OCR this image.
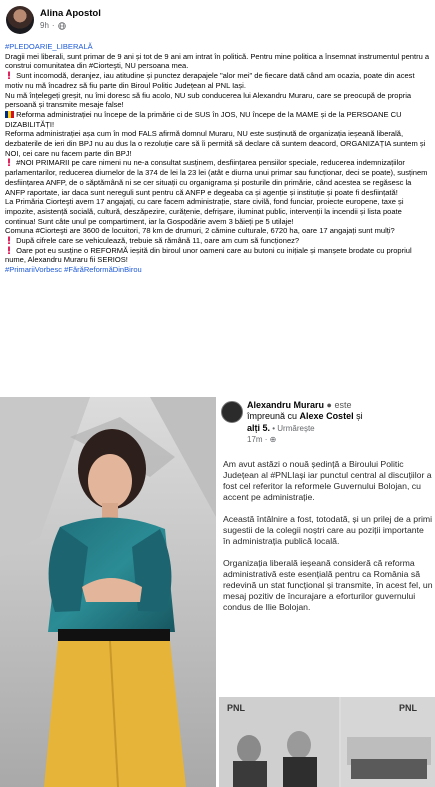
Alina Apostol
9h ·

#PLEDOARIE_LIBERALĂ

Dragii mei liberali, sunt primar de 9 ani și tot de 9 ani am intrat în politică. Pentru mine politica a însemnat instrumentul pentru a construi comunitatea din #Ciorteşti, NU persoana mea.

Sunt incomodă, deranjez, iau atitudine și punctez derapajele "alor mei" de fiecare dată când am ocazia, poate din acest motiv nu mă încadrez să fiu parte din Biroul Politic Județean al PNL Iași.

Nu mă înțelegeți greșit, nu îmi doresc să fiu acolo, NU sub conducerea lui Alexandru Muraru, care se preocupă de propria persoană și transmite mesaje false!

Reforma administrației nu începe de la primărie ci de SUS în JOS, NU începe de la MAME și de la PERSOANE CU DIZABILITĂȚI!

Reforma administrației așa cum în mod FALS afirmă domnul Muraru, NU este susținută de organizația ieșeană liberală, dezbaterile de ieri din BPJ nu au dus la o rezoluție care să îi permită să declare că suntem deacord, ORGANIZAȚIA suntem și NOI, cei care nu facem parte din BPJ!

#NOI PRIMARII pe care nimeni nu ne-a consultat susținem, desființarea pensiilor speciale, reducerea indemnizațiilor parlamentarilor, reducerea diurnelor de la 374 de lei la 23 lei (atât e diurna unui primar sau funcționar, deci se poate), susținem desființarea ANFP, de o săptămână ni se cer situații cu organigrama și posturile din primărie, când acestea se regăsesc la ANFP raportate, iar daca sunt nereguli sunt pentru că ANFP e degeaba ca și agenție și instituție și poate fi desființată!

La Primăria Ciorteşti avem 17 angajați, cu care facem administrație, stare civilă, fond funciar, proiecte europene, taxe și impozite, asistență socială, cultură, deszăpezire, curățenie, defrișare, iluminat public, intervenții la incendii și lista poate continua! Sunt câte unul pe compartiment, iar la Gospodărie avem 3 băieți pe 5 utilaje!

Comuna #Ciorteşti are 3600 de locuitori, 78 km de drumuri, 2 cămine culturale, 6720 ha, oare 17 angajați sunt mulți?

După cifrele care se vehiculează, trebuie să rămână 11, oare am cum să funcționez?

Oare pot eu susține o REFORMĂ ieșită din biroul unor oameni care au butoni cu inițiale și manșete brodate cu propriul nume, Alexandru Muraru fii SERIOS!

#PrimariiVorbesc #FărăReformăDinBirou

Alexandru Muraru ● este
împreună cu Alexe Costel și
alți 5. • Urmărește
17m · ⊕

Am avut astăzi o nouă ședință a Biroului Politic Județean al #PNLIași iar punctul central al discuțiilor a fost cel referitor la reformele Guvernului Bolojan, cu accent pe administrație.

Această întâlnire a fost, totodată, și un prilej de a primi sugestii de la colegii noștri care au poziții importante în administrația publică locală.

Organizația liberală ieșeană consideră că reforma administrativă este esențială pentru ca România să redevină un stat funcțional și transmite, în acest fel, un mesaj pozitiv de încurajare a eforturilor guvernului condus de Ilie Bolojan.

PNL	PNL
